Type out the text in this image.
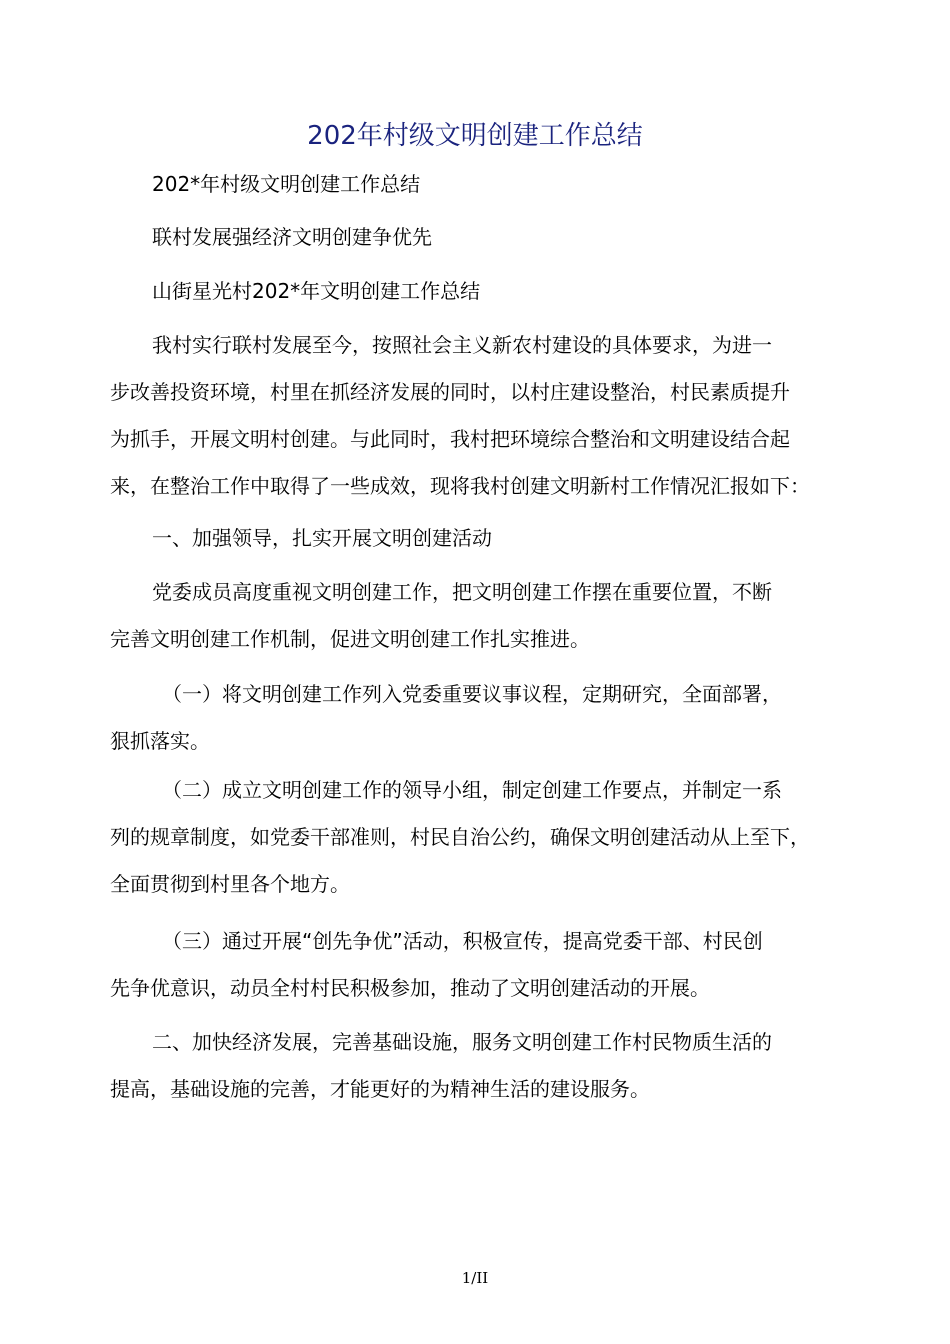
202年村级文明创建工作总结

202*年村级文明创建工作总结

联村发展强经济文明创建争优先

山街星光村202*年文明创建工作总结

我村实行联村发展至今，按照社会主义新农村建设的具体要求，为进一
步改善投资环境，村里在抓经济发展的同时，以村庄建设整治，村民素质提升
为抓手，开展文明村创建。与此同时，我村把环境综合整治和文明建设结合起
来，在整治工作中取得了一些成效，现将我村创建文明新村工作情况汇报如下：

一、加强领导，扎实开展文明创建活动

党委成员高度重视文明创建工作，把文明创建工作摆在重要位置，不断
完善文明创建工作机制，促进文明创建工作扎实推进。

（一）将文明创建工作列入党委重要议事议程，定期研究，全面部署，
狠抓落实。

（二）成立文明创建工作的领导小组，制定创建工作要点，并制定一系
列的规章制度，如党委干部准则，村民自治公约，确保文明创建活动从上至下，
全面贯彻到村里各个地方。

（三）通过开展“创先争优”活动，积极宣传，提高党委干部、村民创
先争优意识，动员全村村民积极参加，推动了文明创建活动的开展。

二、加快经济发展，完善基础设施，服务文明创建工作村民物质生活的
提高，基础设施的完善，才能更好的为精神生活的建设服务。

1/II
